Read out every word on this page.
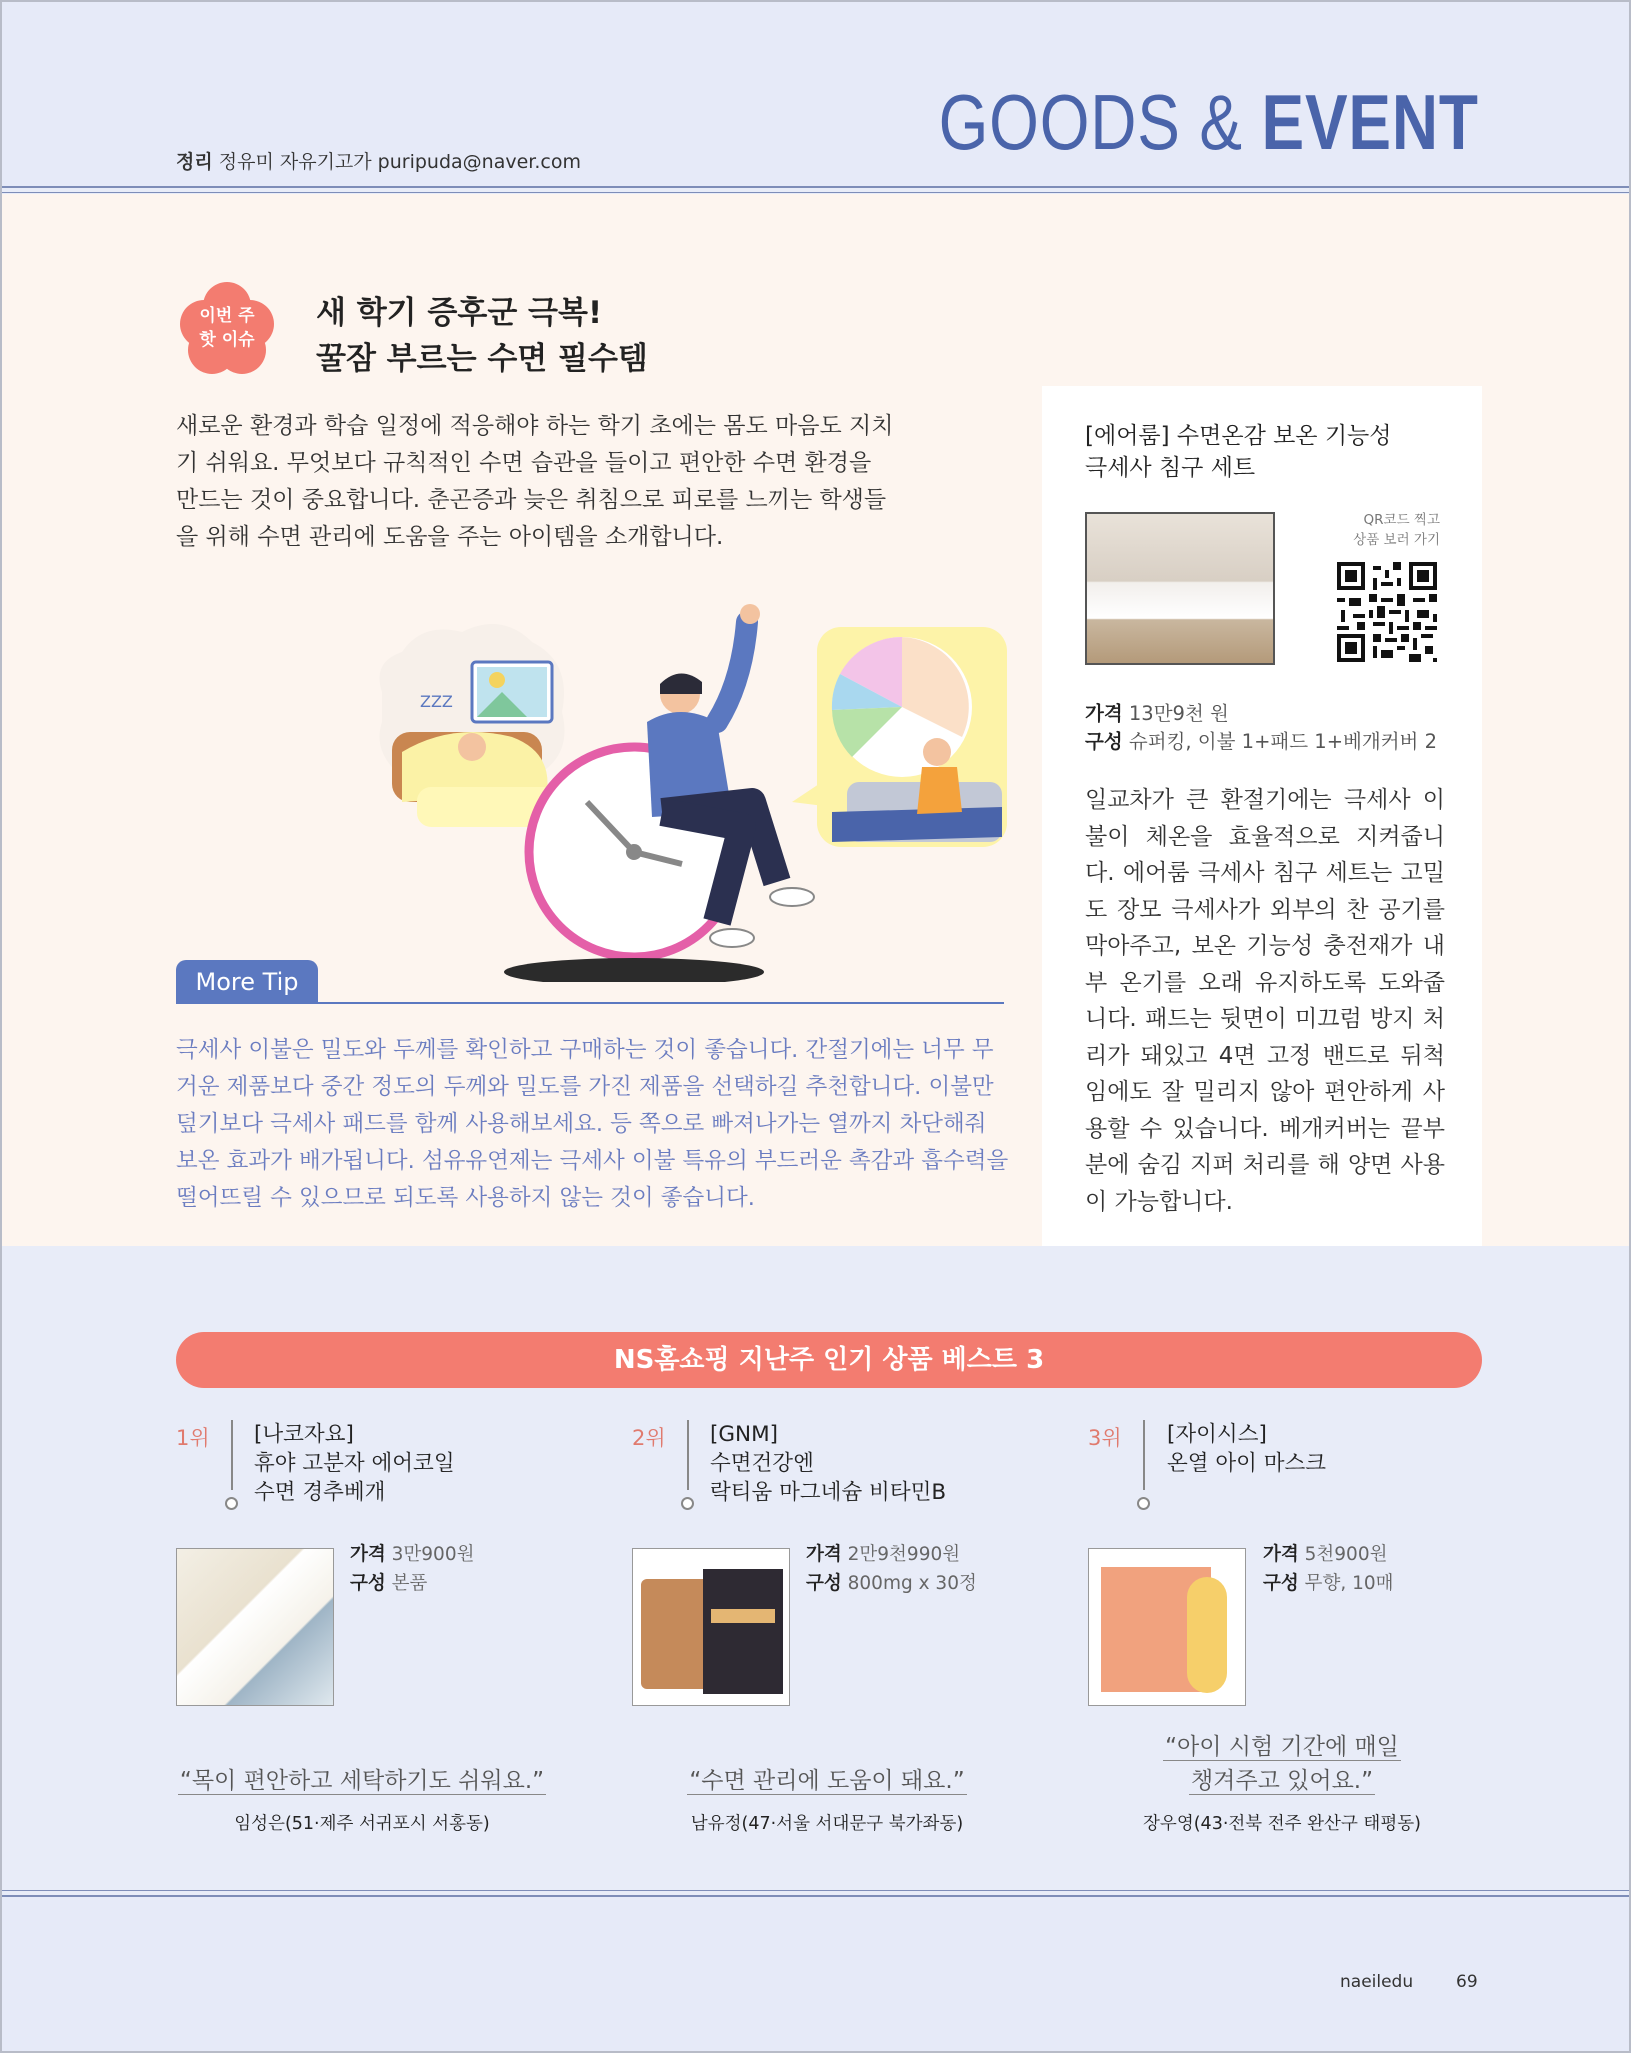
정리 정유미 자유기고가 puripuda@naver.com	GOODS & EVENT
이번 주
핫 이슈
새 학기 증후군 극복!
꿀잠 부르는 수면 필수템

새로운 환경과 학습 일정에 적응해야 하는 학기 초에는 몸도 마음도 지치기 쉬워요. 무엇보다 규칙적인 수면 습관을 들이고 편안한 수면 환경을 만드는 것이 중요합니다. 춘곤증과 늦은 취침으로 피로를 느끼는 학생들을 위해 수면 관리에 도움을 주는 아이템을 소개합니다.

ZZZ
More Tip

극세사 이불은 밀도와 두께를 확인하고 구매하는 것이 좋습니다. 간절기에는 너무 무거운 제품보다 중간 정도의 두께와 밀도를 가진 제품을 선택하길 추천합니다. 이불만 덮기보다 극세사 패드를 함께 사용해보세요. 등 쪽으로 빠져나가는 열까지 차단해줘 보온 효과가 배가됩니다. 섬유유연제는 극세사 이불 특유의 부드러운 촉감과 흡수력을 떨어뜨릴 수 있으므로 되도록 사용하지 않는 것이 좋습니다.

[에어룸] 수면온감 보온 기능성
극세사 침구 세트
QR코드 찍고
상품 보러 가기
가격 13만9천 원
구성 슈퍼킹, 이불 1+패드 1+베개커버 2

일교차가 큰 환절기에는 극세사 이불이 체온을 효율적으로 지켜줍니다. 에어룸 극세사 침구 세트는 고밀도 장모 극세사가 외부의 찬 공기를 막아주고, 보온 기능성 충전재가 내부 온기를 오래 유지하도록 도와줍니다. 패드는 뒷면이 미끄럼 방지 처리가 돼있고 4면 고정 밴드로 뒤척임에도 잘 밀리지 않아 편안하게 사용할 수 있습니다. 베개커버는 끝부분에 숨김 지퍼 처리를 해 양면 사용이 가능합니다.

NS홈쇼핑 지난주 인기 상품 베스트 3
1위 [나코자요]
휴야 고분자 에어코일
수면 경추베개
가격 3만900원
구성 본품
“목이 편안하고 세탁하기도 쉬워요.”
임성은(51·제주 서귀포시 서홍동)
2위 [GNM]
수면건강엔
락티움 마그네슘 비타민B
가격 2만9천990원
구성 800mg x 30정
“수면 관리에 도움이 돼요.”
남유정(47·서울 서대문구 북가좌동)
3위 [자이시스]
온열 아이 마스크
가격 5천900원
구성 무향, 10매
“아이 시험 기간에 매일
챙겨주고 있어요.”
장우영(43·전북 전주 완산구 태평동)
naeiledu	69
